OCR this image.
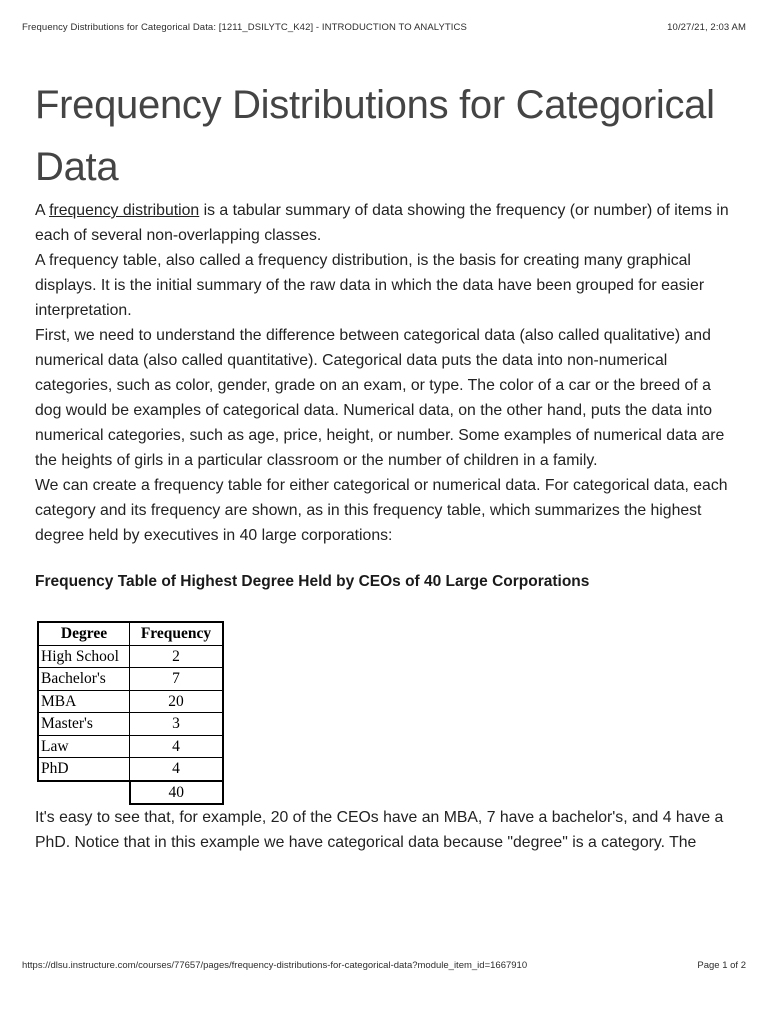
Frequency Distributions for Categorical Data: [1211_DSILYTC_K42] - INTRODUCTION TO ANALYTICS	10/27/21, 2:03 AM
Frequency Distributions for Categorical Data

A frequency distribution is a tabular summary of data showing the frequency (or number) of items in each of several non-overlapping classes.

A frequency table, also called a frequency distribution, is the basis for creating many graphical displays. It is the initial summary of the raw data in which the data have been grouped for easier interpretation.

First, we need to understand the difference between categorical data (also called qualitative) and numerical data (also called quantitative). Categorical data puts the data into non-numerical categories, such as color, gender, grade on an exam, or type. The color of a car or the breed of a dog would be examples of categorical data. Numerical data, on the other hand, puts the data into numerical categories, such as age, price, height, or number. Some examples of numerical data are the heights of girls in a particular classroom or the number of children in a family.

We can create a frequency table for either categorical or numerical data. For categorical data, each category and its frequency are shown, as in this frequency table, which summarizes the highest degree held by executives in 40 large corporations:

Frequency Table of Highest Degree Held by CEOs of 40 Large Corporations
Degree	Frequency
High School	2
Bachelor's	7
MBA	20
Master's	3
Law	4
PhD	4
	40

It's easy to see that, for example, 20 of the CEOs have an MBA, 7 have a bachelor's, and 4 have a PhD. Notice that in this example we have categorical data because "degree" is a category. The

https://dlsu.instructure.com/courses/77657/pages/frequency-distributions-for-categorical-data?module_item_id=1667910	Page 1 of 2
